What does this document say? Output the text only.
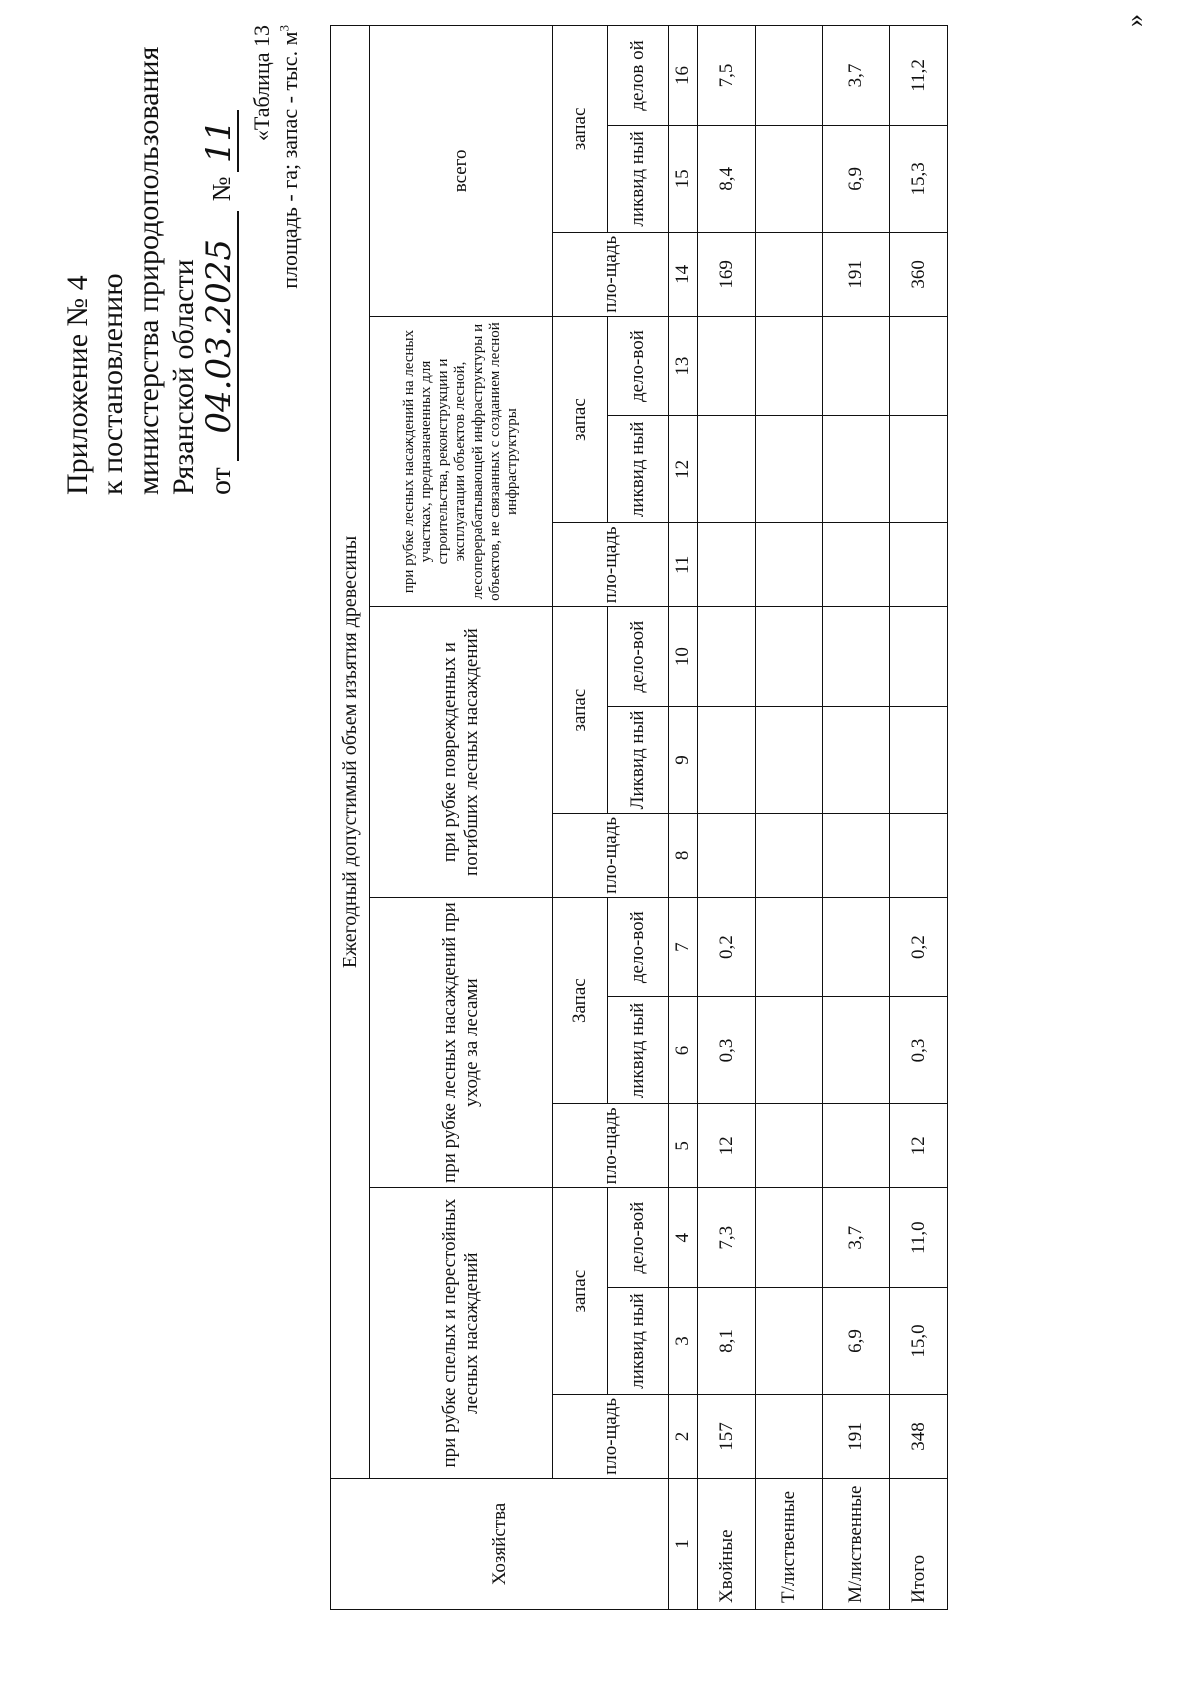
Приложение № 4 к постановлению министерства природопользования Рязанской области от04.03.2025№11
«Таблица 13 площадь - га; запас - тыс. $м^3$
Хозяйства	Ежегодный допустимый объем изъятия древесины														
	при рубке спелых и перестойных лесных насаждений			при рубке лесных насаждений при уходе за лесами			при рубке поврежденных и погибших лесных насаждений			при рубке лесных насаждений на лесных участках, предназначенных для строительства, реконструкции и эксплуатации объектов лесной, лесоперерабатывающей инфраструктуры и объектов, не связанных с созданием лесной инфраструктуры			всего		
	пло-щадь	запас		пло-щадь	Запас		пло-щадь	запас		пло-щадь	запас		пло-щадь	запас	
		ликвид ный	дело-вой		ликвид ный	дело-вой		Ликвид ный	дело-вой		ликвид ный	дело-вой		ликвид ный	делов ой
1	2	3	4	5	6	7	8	9	10	11	12	13	14	15	16
Хвойные	157	8,1	7,3	12	0,3	0,2							169	8,4	7,5
Т/лиственные															
М/лиственные	191	6,9	3,7										191	6,9	3,7
Итого	348	15,0	11,0	12	0,3	0,2							360	15,3	11,2
»
